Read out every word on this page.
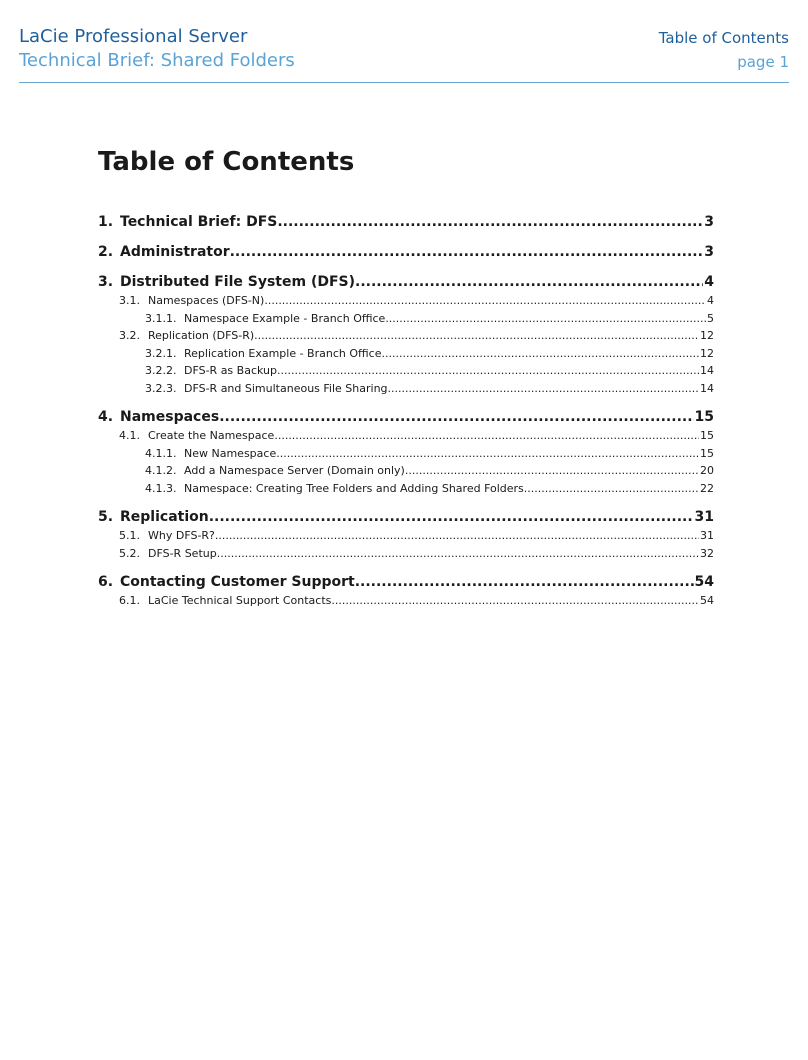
LaCie Professional Server
Technical Brief: Shared Folders
Table of Contents
page 1
Table of Contents
1. Technical Brief: DFS .....	3
2. Administrator .....	3
3. Distributed File System (DFS) .....	4
3.1. Namespaces (DFS-N) .....	4
3.1.1. Namespace Example - Branch Office .....	5
3.2. Replication (DFS-R) .....	12
3.2.1. Replication Example - Branch Office .....	12
3.2.2. DFS-R as Backup .....	14
3.2.3. DFS-R and Simultaneous File Sharing .....	14
4. Namespaces .....	15
4.1. Create the Namespace .....	15
4.1.1. New Namespace .....	15
4.1.2. Add a Namespace Server (Domain only) .....	20
4.1.3. Namespace: Creating Tree Folders and Adding Shared Folders .....	22
5. Replication .....	31
5.1. Why DFS-R? .....	31
5.2. DFS-R Setup .....	32
6. Contacting Customer Support .....	54
6.1. LaCie Technical Support Contacts .....	54
